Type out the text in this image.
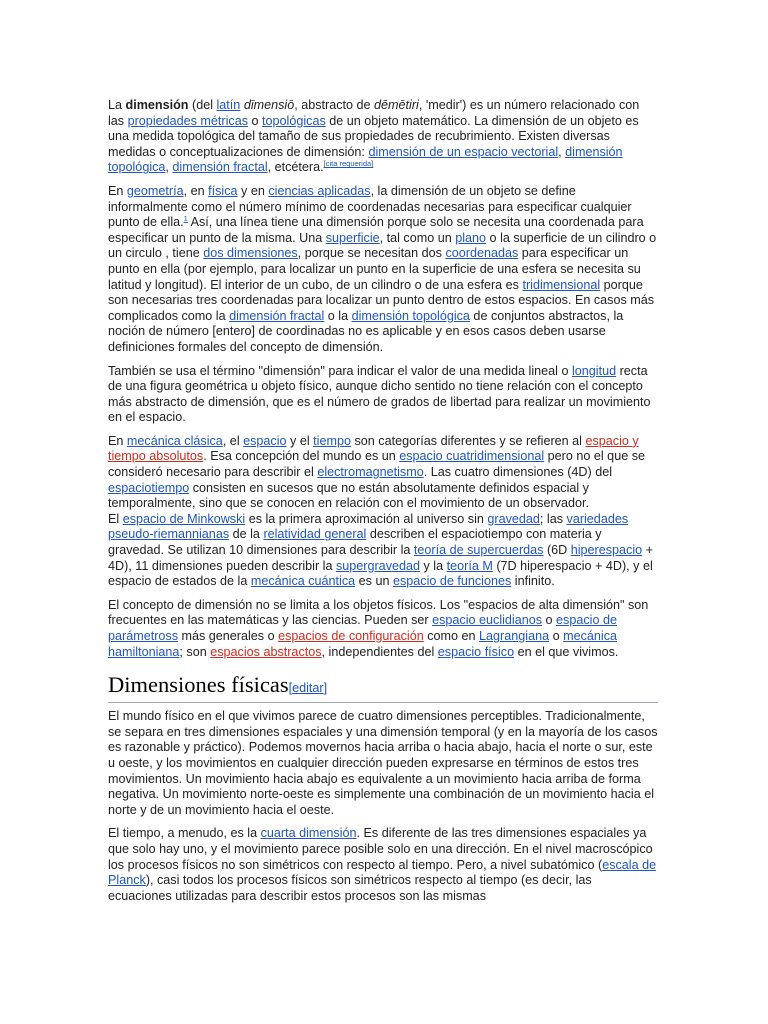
La dimensión (del latín dīmensiō, abstracto de dēmētiri, 'medir') es un número relacionado con las propiedades métricas o topológicas de un objeto matemático. La dimensión de un objeto es una medida topológica del tamaño de sus propiedades de recubrimiento. Existen diversas medidas o conceptualizaciones de dimensión: dimensión de un espacio vectorial, dimensión topológica, dimensión fractal, etcétera.[cita requerida]

En geometría, en física y en ciencias aplicadas, la dimensión de un objeto se define informalmente como el número mínimo de coordenadas necesarias para especificar cualquier punto de ella.$^1$ Así, una línea tiene una dimensión porque solo se necesita una coordenada para especificar un punto de la misma. Una superficie, tal como un plano o la superficie de un cilindro o un circulo , tiene dos dimensiones, porque se necesitan dos coordenadas para especificar un punto en ella (por ejemplo, para localizar un punto en la superficie de una esfera se necesita su latitud y longitud). El interior de un cubo, de un cilindro o de una esfera es tridimensional porque son necesarias tres coordenadas para localizar un punto dentro de estos espacios. En casos más complicados como la dimensión fractal o la dimensión topológica de conjuntos abstractos, la noción de número [entero] de coordinadas no es aplicable y en esos casos deben usarse definiciones formales del concepto de dimensión.

También se usa el término "dimensión" para indicar el valor de una medida lineal o longitud recta de una figura geométrica u objeto físico, aunque dicho sentido no tiene relación con el concepto más abstracto de dimensión, que es el número de grados de libertad para realizar un movimiento en el espacio.

En mecánica clásica, el espacio y el tiempo son categorías diferentes y se refieren al espacio y tiempo absolutos. Esa concepción del mundo es un espacio cuatridimensional pero no el que se consideró necesario para describir el electromagnetismo. Las cuatro dimensiones (4D) del espaciotiempo consisten en sucesos que no están absolutamente definidos espacial y temporalmente, sino que se conocen en relación con el movimiento de un observador.
El espacio de Minkowski es la primera aproximación al universo sin gravedad; las variedades pseudo-riemannianas de la relatividad general describen el espaciotiempo con materia y gravedad. Se utilizan 10 dimensiones para describir la teoría de supercuerdas (6D hiperespacio + 4D), 11 dimensiones pueden describir la supergravedad y la teoría M (7D hiperespacio + 4D), y el espacio de estados de la mecánica cuántica es un espacio de funciones infinito.

El concepto de dimensión no se limita a los objetos físicos. Los "espacios de alta dimensión" son frecuentes en las matemáticas y las ciencias. Pueden ser espacio euclidianos o espacio de parámetross más generales o espacios de configuración como en Lagrangiana o mecánica hamiltoniana; son espacios abstractos, independientes del espacio físico en el que vivimos.

Dimensiones físicas[editar]

El mundo físico en el que vivimos parece de cuatro dimensiones perceptibles. Tradicionalmente, se separa en tres dimensiones espaciales y una dimensión temporal (y en la mayoría de los casos es razonable y práctico). Podemos movernos hacia arriba o hacia abajo, hacia el norte o sur, este u oeste, y los movimientos en cualquier dirección pueden expresarse en términos de estos tres movimientos. Un movimiento hacia abajo es equivalente a un movimiento hacia arriba de forma negativa. Un movimiento norte-oeste es simplemente una combinación de un movimiento hacia el norte y de un movimiento hacia el oeste.

El tiempo, a menudo, es la cuarta dimensión. Es diferente de las tres dimensiones espaciales ya que solo hay uno, y el movimiento parece posible solo en una dirección. En el nivel macroscópico los procesos físicos no son simétricos con respecto al tiempo. Pero, a nivel subatómico (escala de Planck), casi todos los procesos físicos son simétricos respecto al tiempo (es decir, las ecuaciones utilizadas para describir estos procesos son las mismas
